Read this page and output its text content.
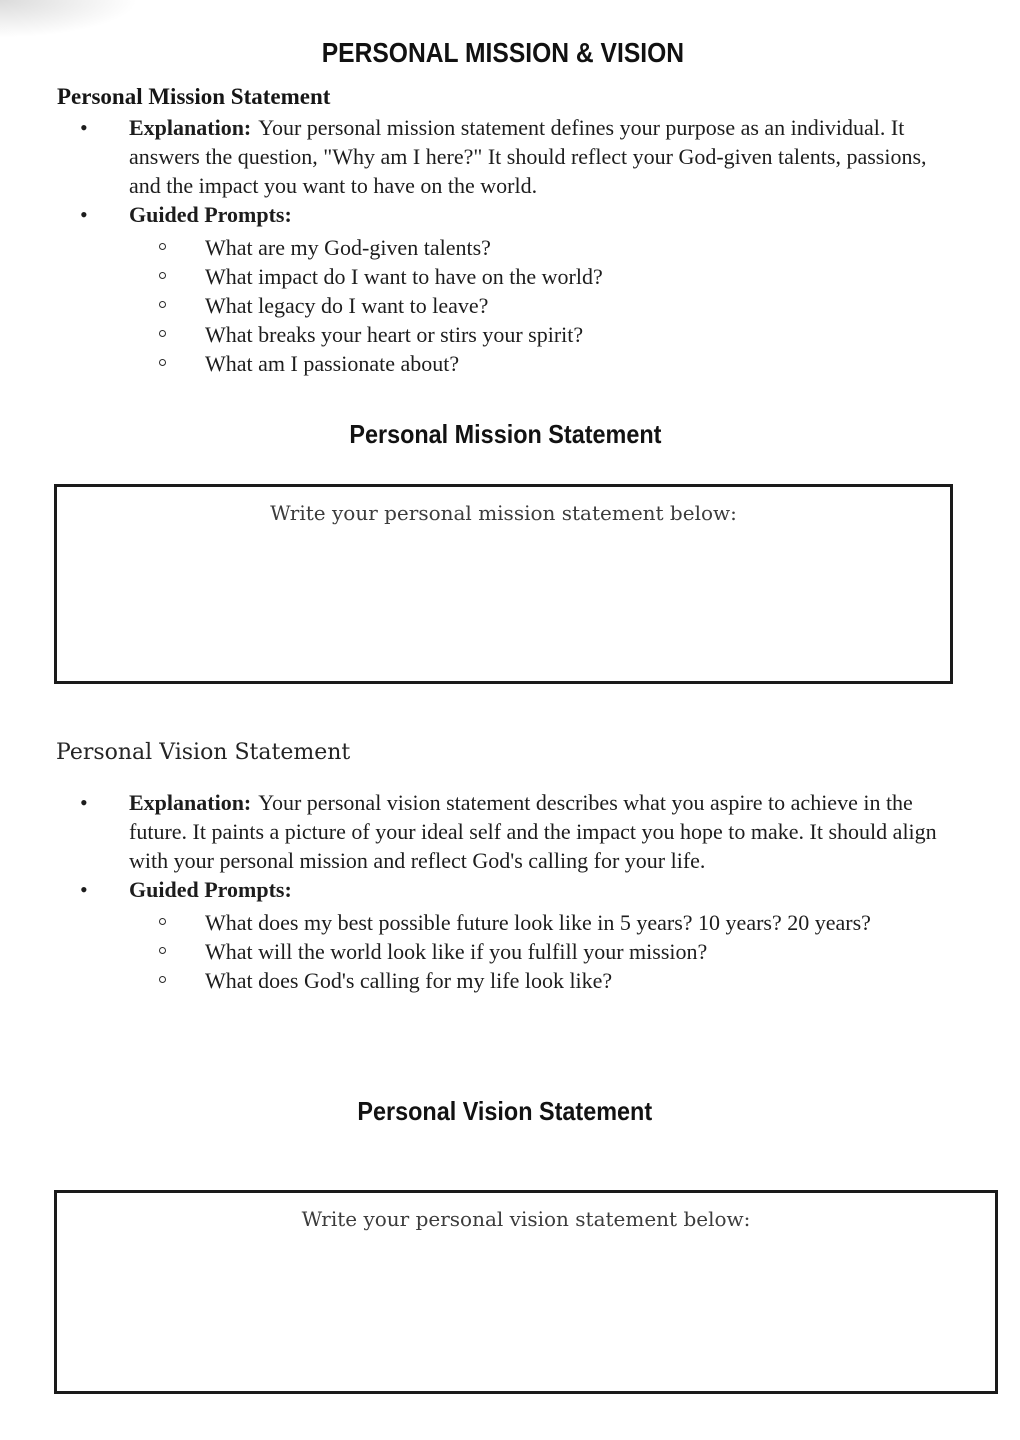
PERSONAL MISSION & VISION
Personal Mission Statement
• Explanation: Your personal mission statement defines your purpose as an individual. It answers the question, "Why am I here?" It should reflect your God-given talents, passions, and the impact you want to have on the world.
• Guided Prompts:
What are my God-given talents?
What impact do I want to have on the world?
What legacy do I want to leave?
What breaks your heart or stirs your spirit?
What am I passionate about?
Personal Mission Statement
Write your personal mission statement below:
Personal Vision Statement
• Explanation: Your personal vision statement describes what you aspire to achieve in the future. It paints a picture of your ideal self and the impact you hope to make. It should align with your personal mission and reflect God's calling for your life.
• Guided Prompts:
What does my best possible future look like in 5 years? 10 years? 20 years?
What will the world look like if you fulfill your mission?
What does God's calling for my life look like?
Personal Vision Statement
Write your personal vision statement below:
